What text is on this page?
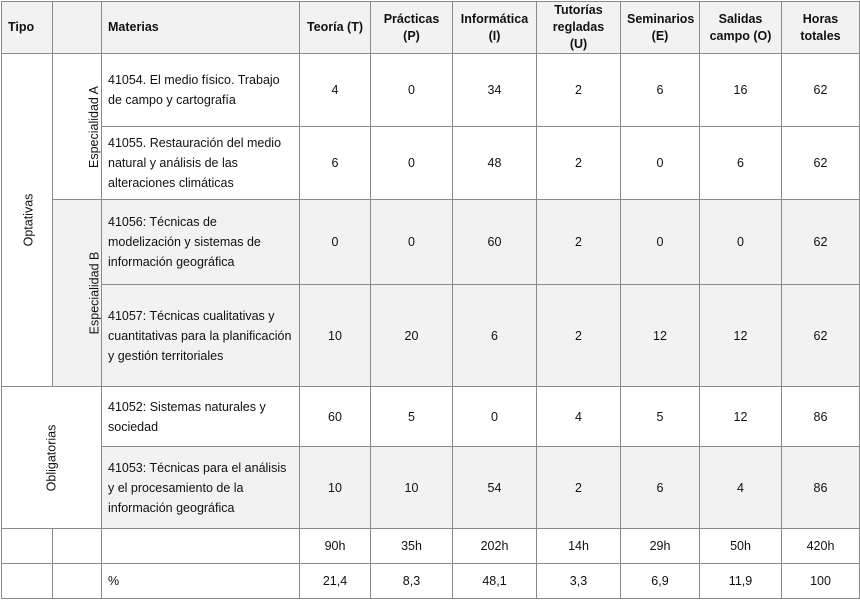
Tipo		Materias	Teoría (T)	Prácticas (P)	Informática (I)	Tutorías regladas (U)	Seminarios (E)	Salidas campo (O)	Horas totales
Optativas	Especialidad A	41054. El medio físico. Trabajo de campo y cartografía	4	0	34	2	6	16	62
		41055. Restauración del medio natural y análisis de las alteraciones climáticas	6	0	48	2	0	6	62
	Especialidad B	41056: Técnicas de modelización y sistemas de información geográfica	0	0	60	2	0	0	62
		41057: Técnicas cualitativas y cuantitativas para la planificación y gestión territoriales	10	20	6	2	12	12	62
Obligatorias		41052: Sistemas naturales y sociedad	60	5	0	4	5	12	86
		41053: Técnicas para el análisis y el procesamiento de la información geográfica	10	10	54	2	6	4	86
			90h	35h	202h	14h	29h	50h	420h
		%	21,4	8,3	48,1	3,3	6,9	11,9	100
